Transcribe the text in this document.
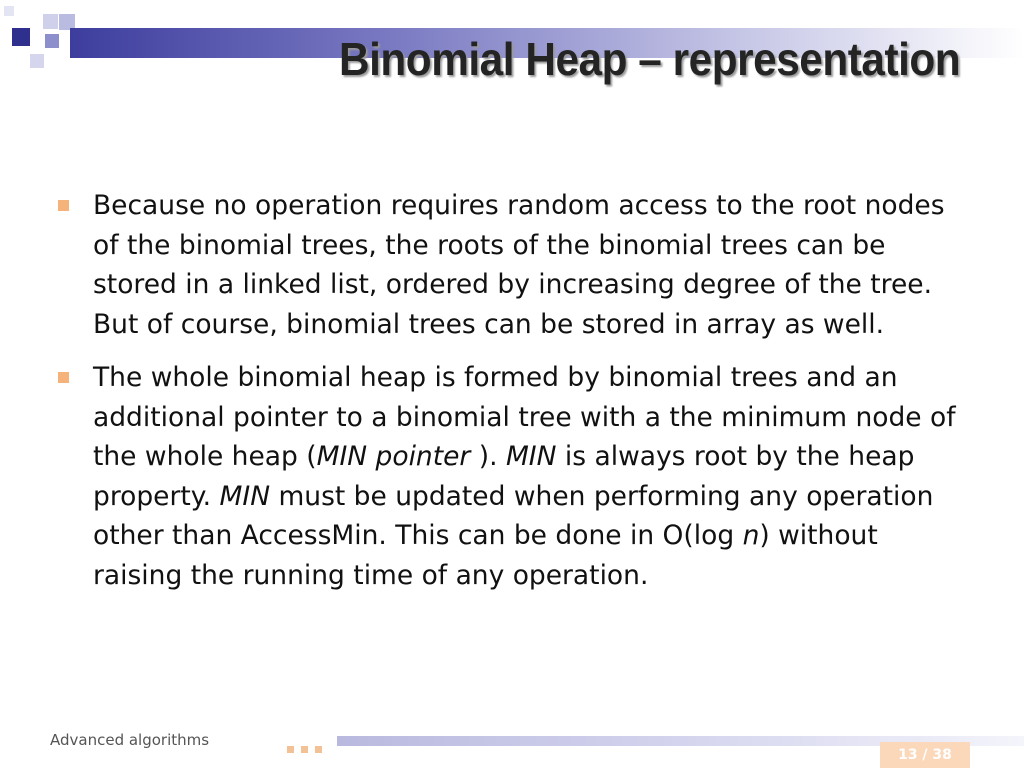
Binomial Heap – representation
Because no operation requires random access to the root nodes of the binomial trees, the roots of the binomial trees can be stored in a linked list, ordered by increasing degree of the tree. But of course, binomial trees can be stored in array as well.
The whole binomial heap is formed by binomial trees and an additional pointer to a binomial tree with a the minimum node of the whole heap (MIN pointer ). MIN is always root by the heap property. MIN must be updated when performing any operation other than AccessMin. This can be done in O(log n) without raising the running time of any operation.
Advanced algorithms
13 / 38
